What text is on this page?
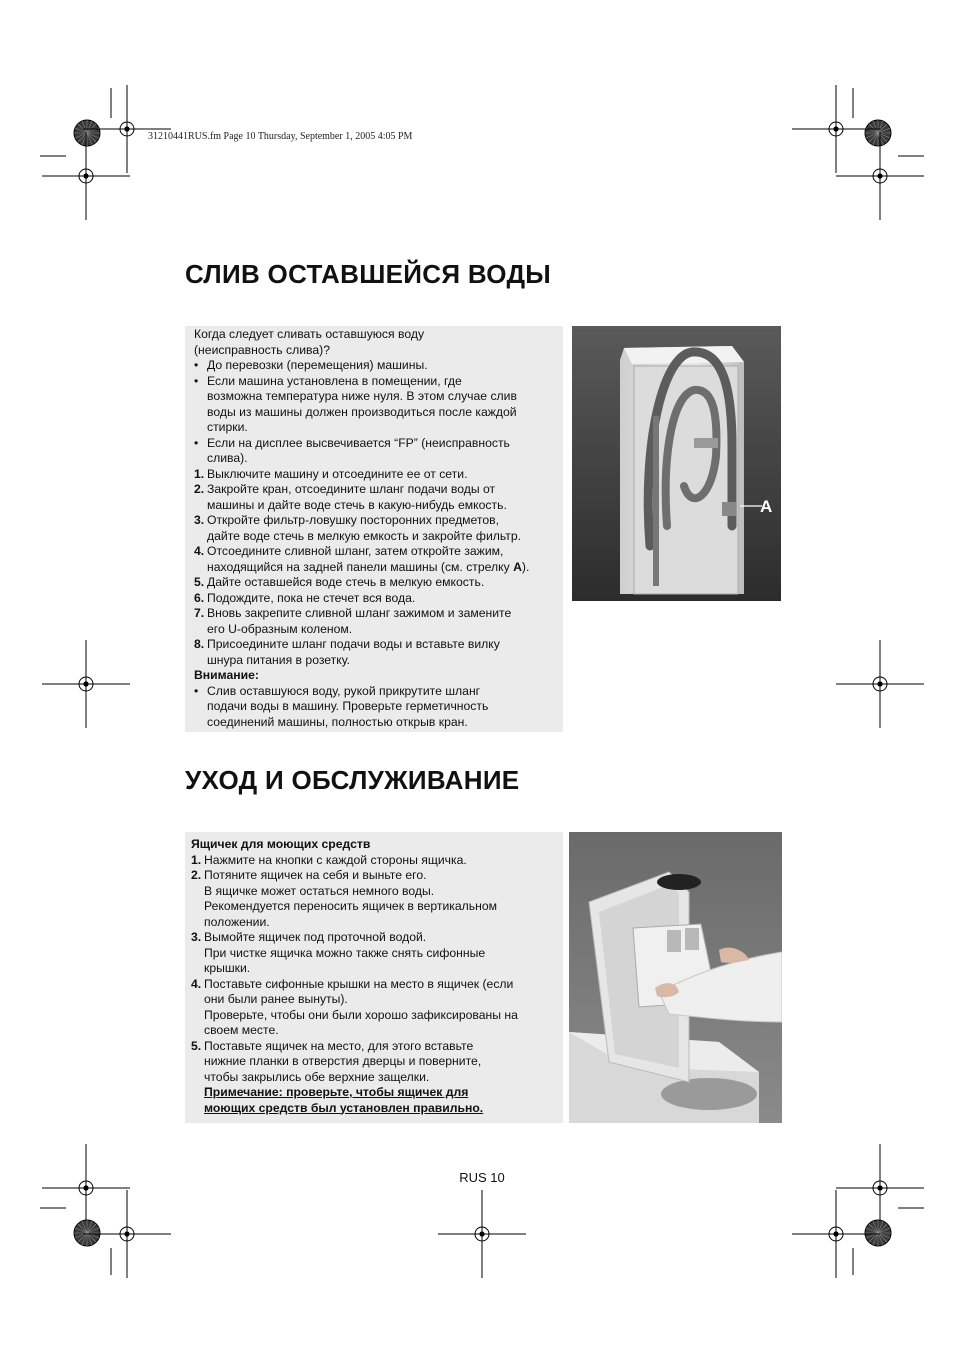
31210441RUS.fm Page 10 Thursday, September 1, 2005 4:05 PM
СЛИВ ОСТАВШЕЙСЯ ВОДЫ
Когда следует сливать оставшуюся воду
(неисправность слива)?
• До перевозки (перемещения) машины.
• Если машина установлена в помещении, где
возможна температура ниже нуля. В этом случае слив
воды из машины должен производиться после каждой
стирки.
• Если на дисплее высвечивается “FP” (неисправность
слива).
1. Выключите машину и отсоедините ее от сети.
2. Закройте кран, отсоедините шланг подачи воды от
машины и дайте воде стечь в какую-нибудь емкость.
3. Откройте фильтр-ловушку посторонних предметов,
дайте воде стечь в мелкую емкость и закройте фильтр.
4. Отсоедините сливной шланг, затем откройте зажим,
находящийся на задней панели машины (см. стрелку A).
5. Дайте оставшейся воде стечь в мелкую емкость.
6. Подождите, пока не стечет вся вода.
7. Вновь закрепите сливной шланг зажимом и замените
его U-образным коленом.
8. Присоедините шланг подачи воды и вставьте вилку
шнура питания в розетку.
Внимание:
• Слив оставшуюся воду, рукой прикрутите шланг
подачи воды в машину. Проверьте герметичность
соединений машины, полностью открыв кран.
A
УХОД И ОБСЛУЖИВАНИЕ
Ящичек для моющих средств
1. Нажмите на кнопки с каждой стороны ящичка.
2. Потяните ящичек на себя и выньте его.
В ящичке может остаться немного воды.
Рекомендуется переносить ящичек в вертикальном
положении.
3. Вымойте ящичек под проточной водой.
При чистке ящичка можно также снять сифонные
крышки.
4. Поставьте сифонные крышки на место в ящичек (если
они были ранее вынуты).
Проверьте, чтобы они были хорошо зафиксированы на
своем месте.
5. Поставьте ящичек на место, для этого вставьте
нижние планки в отверстия дверцы и поверните,
чтобы закрылись обе верхние защелки.
Примечание: проверьте, чтобы ящичек для
моющих средств был установлен правильно.
RUS 10
